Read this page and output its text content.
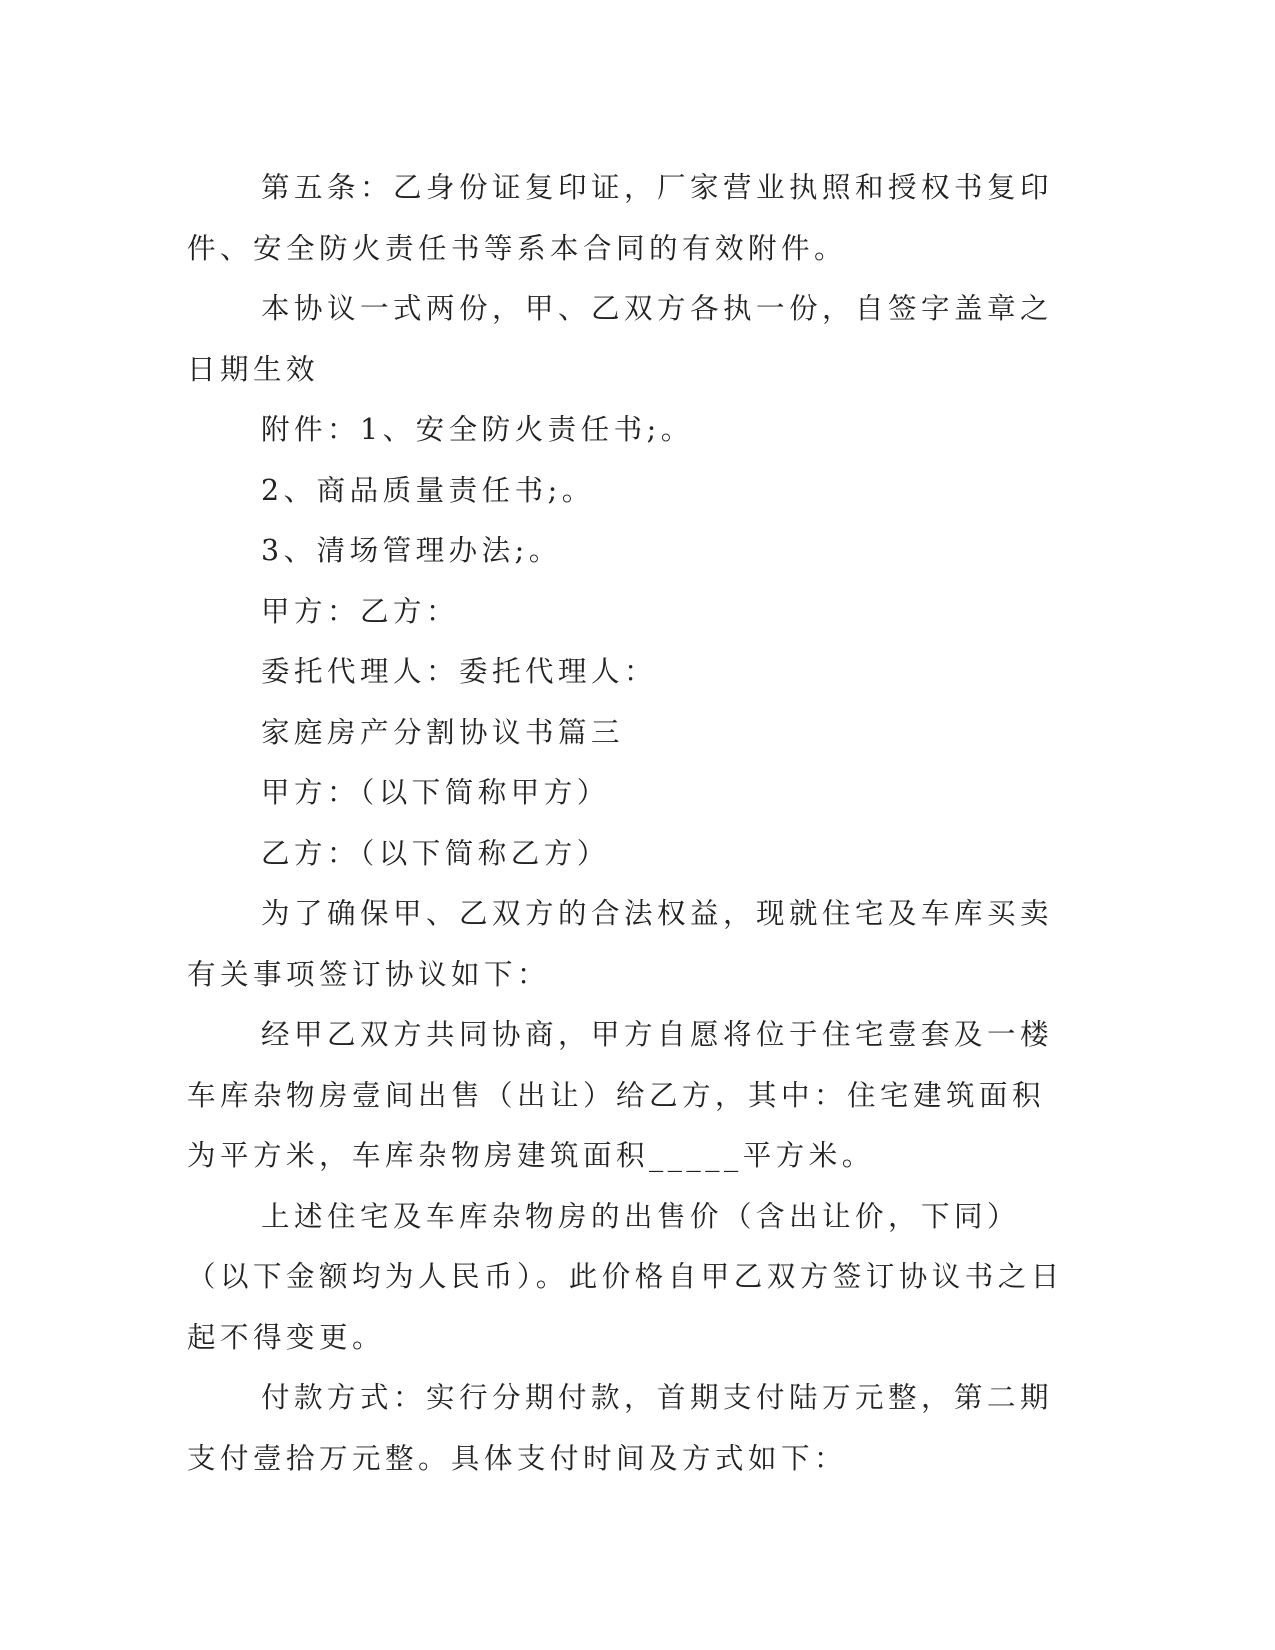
第五条：乙身份证复印证，厂家营业执照和授权书复印件、安全防火责任书等系本合同的有效附件。

本协议一式两份，甲、乙双方各执一份，自签字盖章之日期生效

附件：1、安全防火责任书;。

2、商品质量责任书;。

3、清场管理办法;。

甲方：乙方：

委托代理人：委托代理人：

家庭房产分割协议书篇三

甲方：（以下简称甲方）

乙方：（以下简称乙方）

为了确保甲、乙双方的合法权益，现就住宅及车库买卖有关事项签订协议如下：

经甲乙双方共同协商，甲方自愿将位于住宅壹套及一楼车库杂物房壹间出售（出让）给乙方，其中：住宅建筑面积为平方米，车库杂物房建筑面积_____平方米。

上述住宅及车库杂物房的出售价（含出让价，下同）（以下金额均为人民币）。此价格自甲乙双方签订协议书之日起不得变更。

付款方式：实行分期付款，首期支付陆万元整，第二期支付壹拾万元整。具体支付时间及方式如下：
